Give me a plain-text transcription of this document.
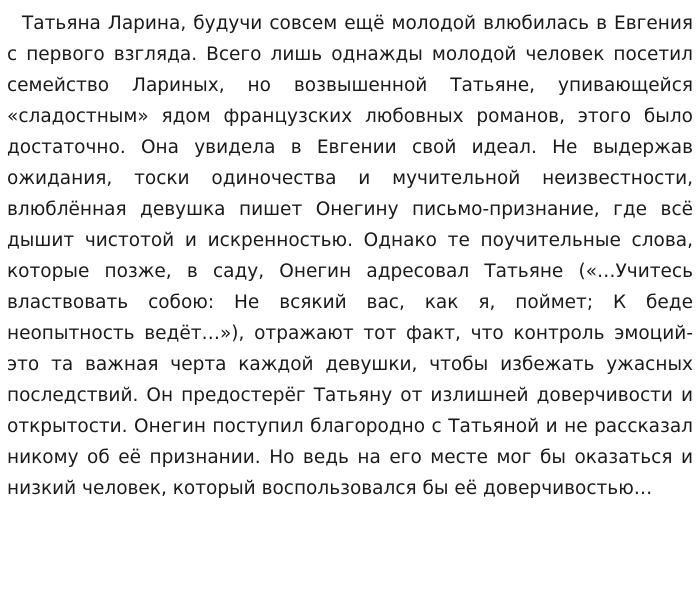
Татьяна Ларина, будучи совсем ещё молодой влюбилась в Евгения с первого взгляда. Всего лишь однажды молодой человек посетил семейство Лариных, но возвышенной Татьяне, упивающейся «сладостным» ядом французских любовных романов, этого было достаточно. Она увидела в Евгении свой идеал. Не выдержав ожидания, тоски одиночества и мучительной неизвестности, влюблённая девушка пишет Онегину письмо-признание, где всё дышит чистотой и искренностью. Однако те поучительные слова, которые позже, в саду, Онегин адресовал Татьяне («…Учитесь властвовать собою: Не всякий вас, как я, поймет; К беде неопытность ведёт…»), отражают тот факт, что контроль эмоций- это та важная черта каждой девушки, чтобы избежать ужасных последствий. Он предостерёг Татьяну от излишней доверчивости и открытости. Онегин поступил благородно с Татьяной и не рассказал никому об её признании. Но ведь на его месте мог бы оказаться и низкий человек, который воспользовался бы её доверчивостью…
